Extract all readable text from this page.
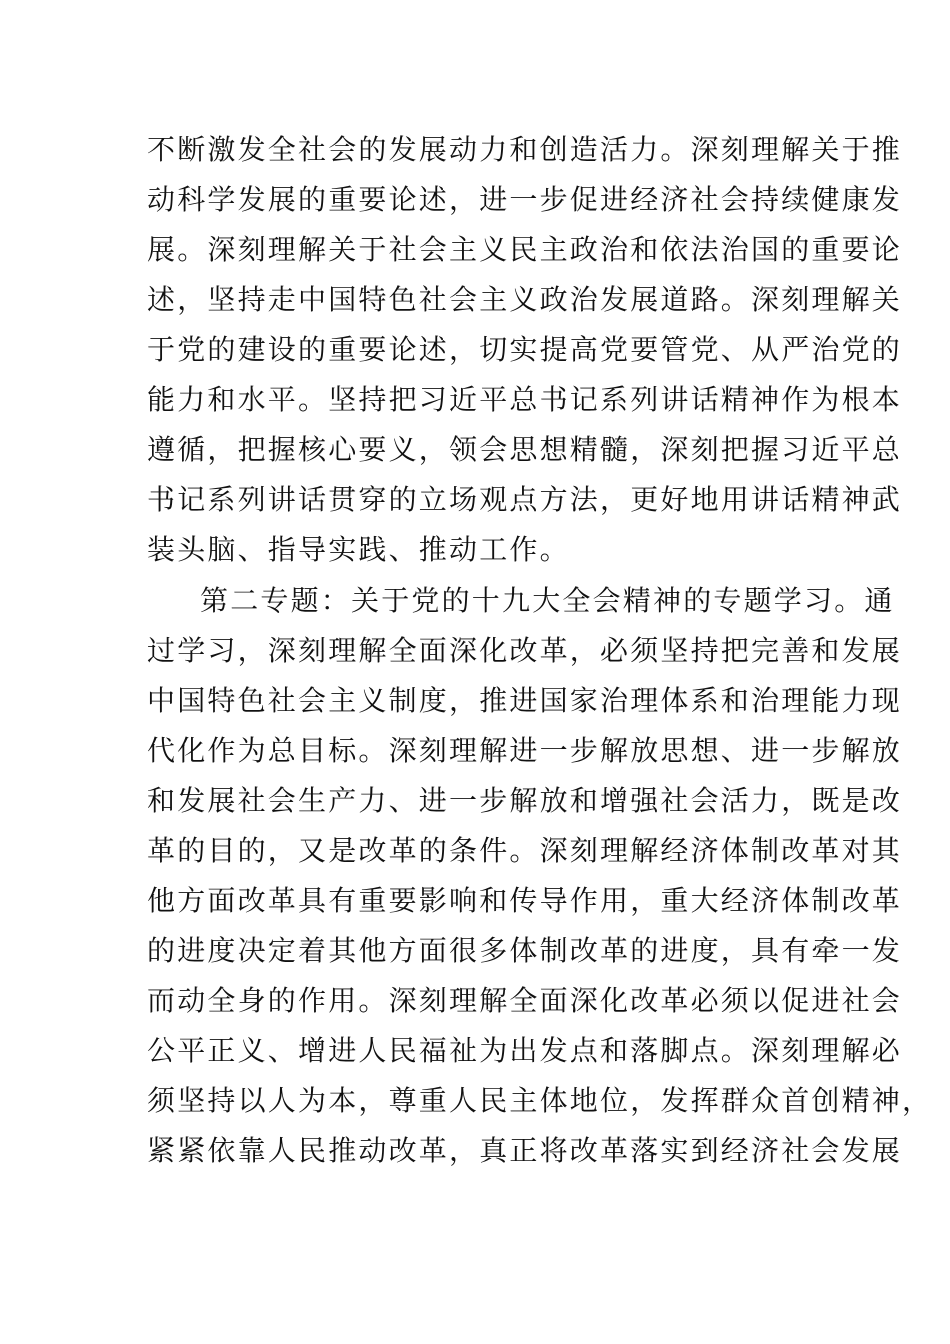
不断激发全社会的发展动力和创造活力。深刻理解关于推
动科学发展的重要论述，进一步促进经济社会持续健康发
展。深刻理解关于社会主义民主政治和依法治国的重要论
述，坚持走中国特色社会主义政治发展道路。深刻理解关
于党的建设的重要论述，切实提高党要管党、从严治党的
能力和水平。坚持把习近平总书记系列讲话精神作为根本
遵循，把握核心要义，领会思想精髓，深刻把握习近平总
书记系列讲话贯穿的立场观点方法，更好地用讲话精神武
装头脑、指导实践、推动工作。
第二专题：关于党的十九大全会精神的专题学习。通
过学习，深刻理解全面深化改革，必须坚持把完善和发展
中国特色社会主义制度，推进国家治理体系和治理能力现
代化作为总目标。深刻理解进一步解放思想、进一步解放
和发展社会生产力、进一步解放和增强社会活力，既是改
革的目的，又是改革的条件。深刻理解经济体制改革对其
他方面改革具有重要影响和传导作用，重大经济体制改革
的进度决定着其他方面很多体制改革的进度，具有牵一发
而动全身的作用。深刻理解全面深化改革必须以促进社会
公平正义、增进人民福祉为出发点和落脚点。深刻理解必
须坚持以人为本，尊重人民主体地位，发挥群众首创精神，
紧紧依靠人民推动改革，真正将改革落实到经济社会发展
